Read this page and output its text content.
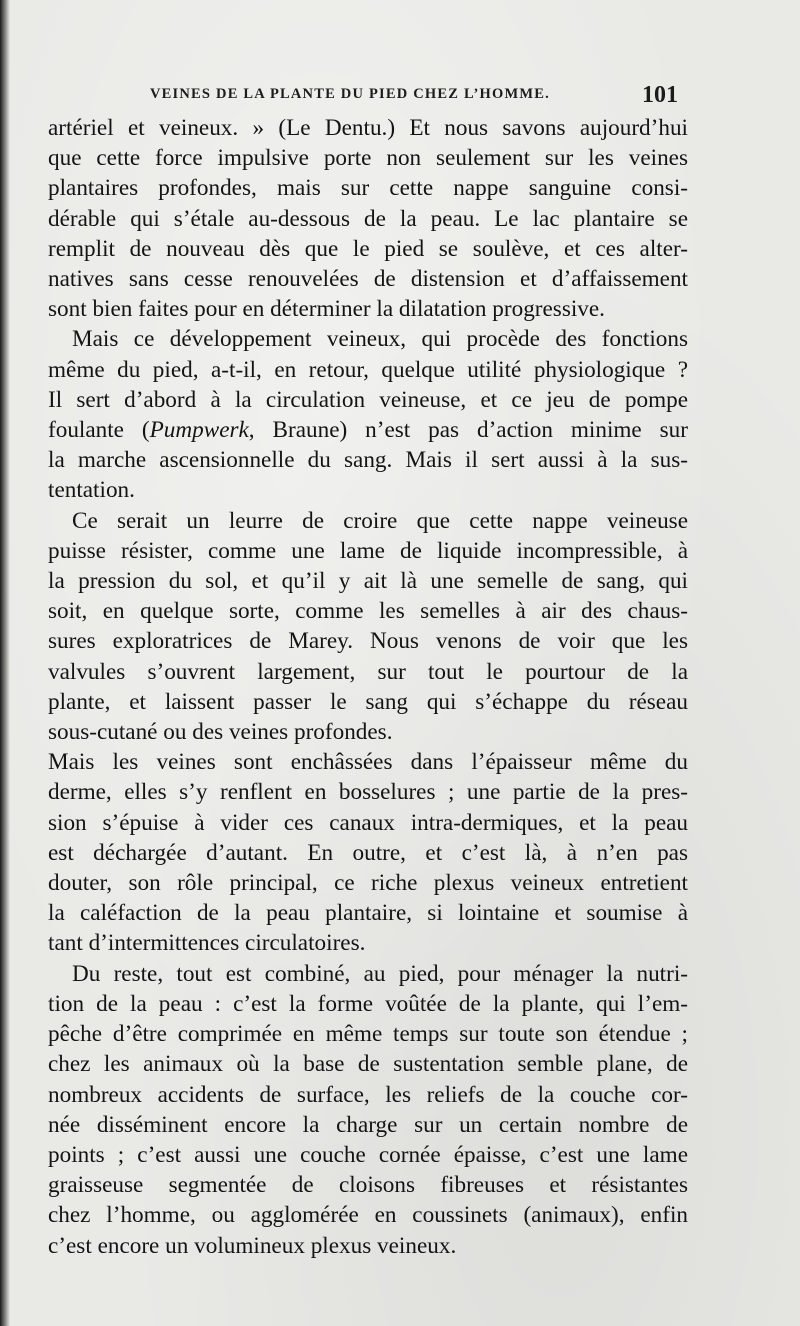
VEINES DE LA PLANTE DU PIED CHEZ L’HOMME.	101

artériel et veineux. » (Le Dentu.) Et nous savons aujourd’hui
que cette force impulsive porte non seulement sur les veines
plantaires profondes, mais sur cette nappe sanguine consi-
dérable qui s’étale au-dessous de la peau. Le lac plantaire se
remplit de nouveau dès que le pied se soulève, et ces alter-
natives sans cesse renouvelées de distension et d’affaissement
sont bien faites pour en déterminer la dilatation progressive.

Mais ce développement veineux, qui procède des fonctions
même du pied, a-t-il, en retour, quelque utilité physiologique ?
Il sert d’abord à la circulation veineuse, et ce jeu de pompe
foulante (Pumpwerk, Braune) n’est pas d’action minime sur
la marche ascensionnelle du sang. Mais il sert aussi à la sus-
tentation.

Ce serait un leurre de croire que cette nappe veineuse
puisse résister, comme une lame de liquide incompressible, à
la pression du sol, et qu’il y ait là une semelle de sang, qui
soit, en quelque sorte, comme les semelles à air des chaus-
sures exploratrices de Marey. Nous venons de voir que les
valvules s’ouvrent largement, sur tout le pourtour de la
plante, et laissent passer le sang qui s’échappe du réseau
sous-cutané ou des veines profondes.

Mais les veines sont enchâssées dans l’épaisseur même du
derme, elles s’y renflent en bosselures ; une partie de la pres-
sion s’épuise à vider ces canaux intra-dermiques, et la peau
est déchargée d’autant. En outre, et c’est là, à n’en pas
douter, son rôle principal, ce riche plexus veineux entretient
la caléfaction de la peau plantaire, si lointaine et soumise à
tant d’intermittences circulatoires.

Du reste, tout est combiné, au pied, pour ménager la nutri-
tion de la peau : c’est la forme voûtée de la plante, qui l’em-
pêche d’être comprimée en même temps sur toute son étendue ;
chez les animaux où la base de sustentation semble plane, de
nombreux accidents de surface, les reliefs de la couche cor-
née disséminent encore la charge sur un certain nombre de
points ; c’est aussi une couche cornée épaisse, c’est une lame
graisseuse segmentée de cloisons fibreuses et résistantes
chez l’homme, ou agglomérée en coussinets (animaux), enfin
c’est encore un volumineux plexus veineux.
